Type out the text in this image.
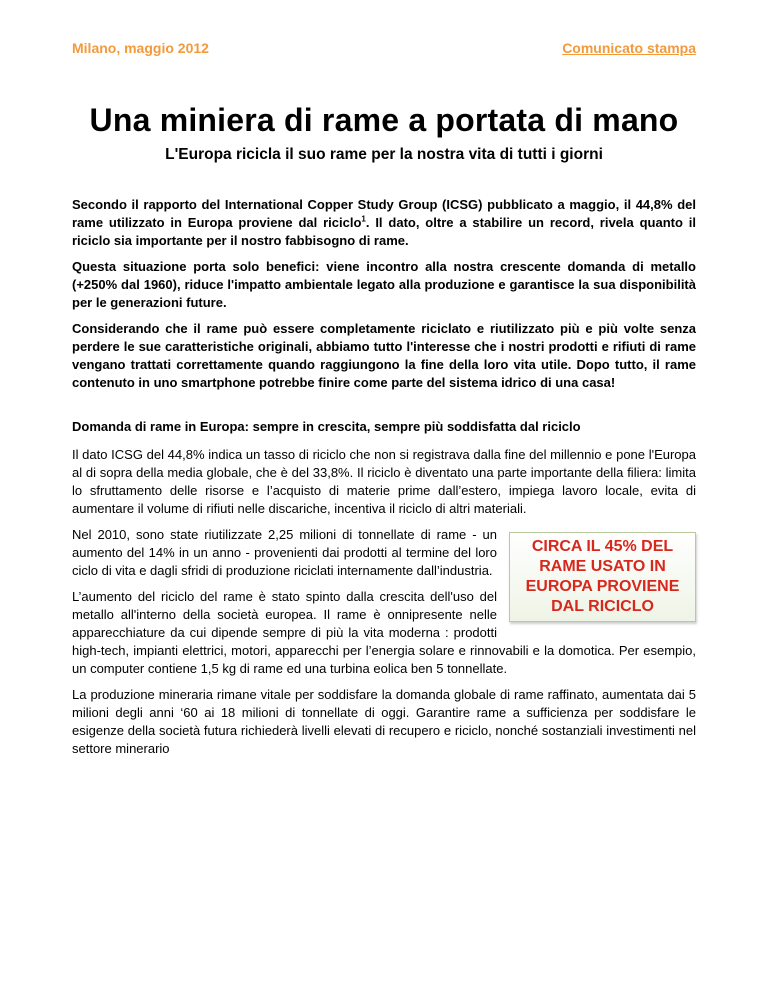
Milano, maggio 2012	Comunicato stampa
Una miniera di rame a portata di mano
L'Europa ricicla il suo rame per la nostra vita di tutti i giorni

Secondo il rapporto del International Copper Study Group (ICSG) pubblicato a maggio, il 44,8% del rame utilizzato in Europa proviene dal riciclo$^1$. Il dato, oltre a stabilire un record, rivela quanto il riciclo sia importante per il nostro fabbisogno di rame.

Questa situazione porta solo benefici: viene incontro alla nostra crescente domanda di metallo (+250% dal 1960), riduce l'impatto ambientale legato alla produzione e garantisce la sua disponibilità per le generazioni future.

Considerando che il rame può essere completamente riciclato e riutilizzato più e più volte senza perdere le sue caratteristiche originali, abbiamo tutto l'interesse che i nostri prodotti e rifiuti di rame vengano trattati correttamente quando raggiungono la fine della loro vita utile. Dopo tutto, il rame contenuto in uno smartphone potrebbe finire come parte del sistema idrico di una casa!

Domanda di rame in Europa: sempre in crescita, sempre più soddisfatta dal riciclo

Il dato ICSG del 44,8% indica un tasso di riciclo che non si registrava dalla fine del millennio e pone l'Europa al di sopra della media globale, che è del 33,8%. Il riciclo è diventato una parte importante della filiera: limita lo sfruttamento delle risorse e l’acquisto di materie prime dall’estero, impiega lavoro locale, evita di aumentare il volume di rifiuti nelle discariche, incentiva il riciclo di altri materiali.

CIRCA IL 45% DEL RAME USATO IN EUROPA PROVIENE DAL RICICLO

Nel 2010, sono state riutilizzate 2,25 milioni di tonnellate di rame - un aumento del 14% in un anno - provenienti dai prodotti al termine del loro ciclo di vita e dagli sfridi di produzione riciclati internamente dall’industria.

L’aumento del riciclo del rame è stato spinto dalla crescita dell'uso del metallo all'interno della società europea. Il rame è onnipresente nelle apparecchiature da cui dipende sempre di più la vita moderna : prodotti high-tech, impianti elettrici, motori, apparecchi per l’energia solare e rinnovabili e la domotica. Per esempio, un computer contiene 1,5 kg di rame ed una turbina eolica ben 5 tonnellate.

La produzione mineraria rimane vitale per soddisfare la domanda globale di rame raffinato, aumentata dai 5 milioni degli anni ‘60 ai 18 milioni di tonnellate di oggi. Garantire rame a sufficienza per soddisfare le esigenze della società futura richiederà livelli elevati di recupero e riciclo, nonché sostanziali investimenti nel settore minerario
